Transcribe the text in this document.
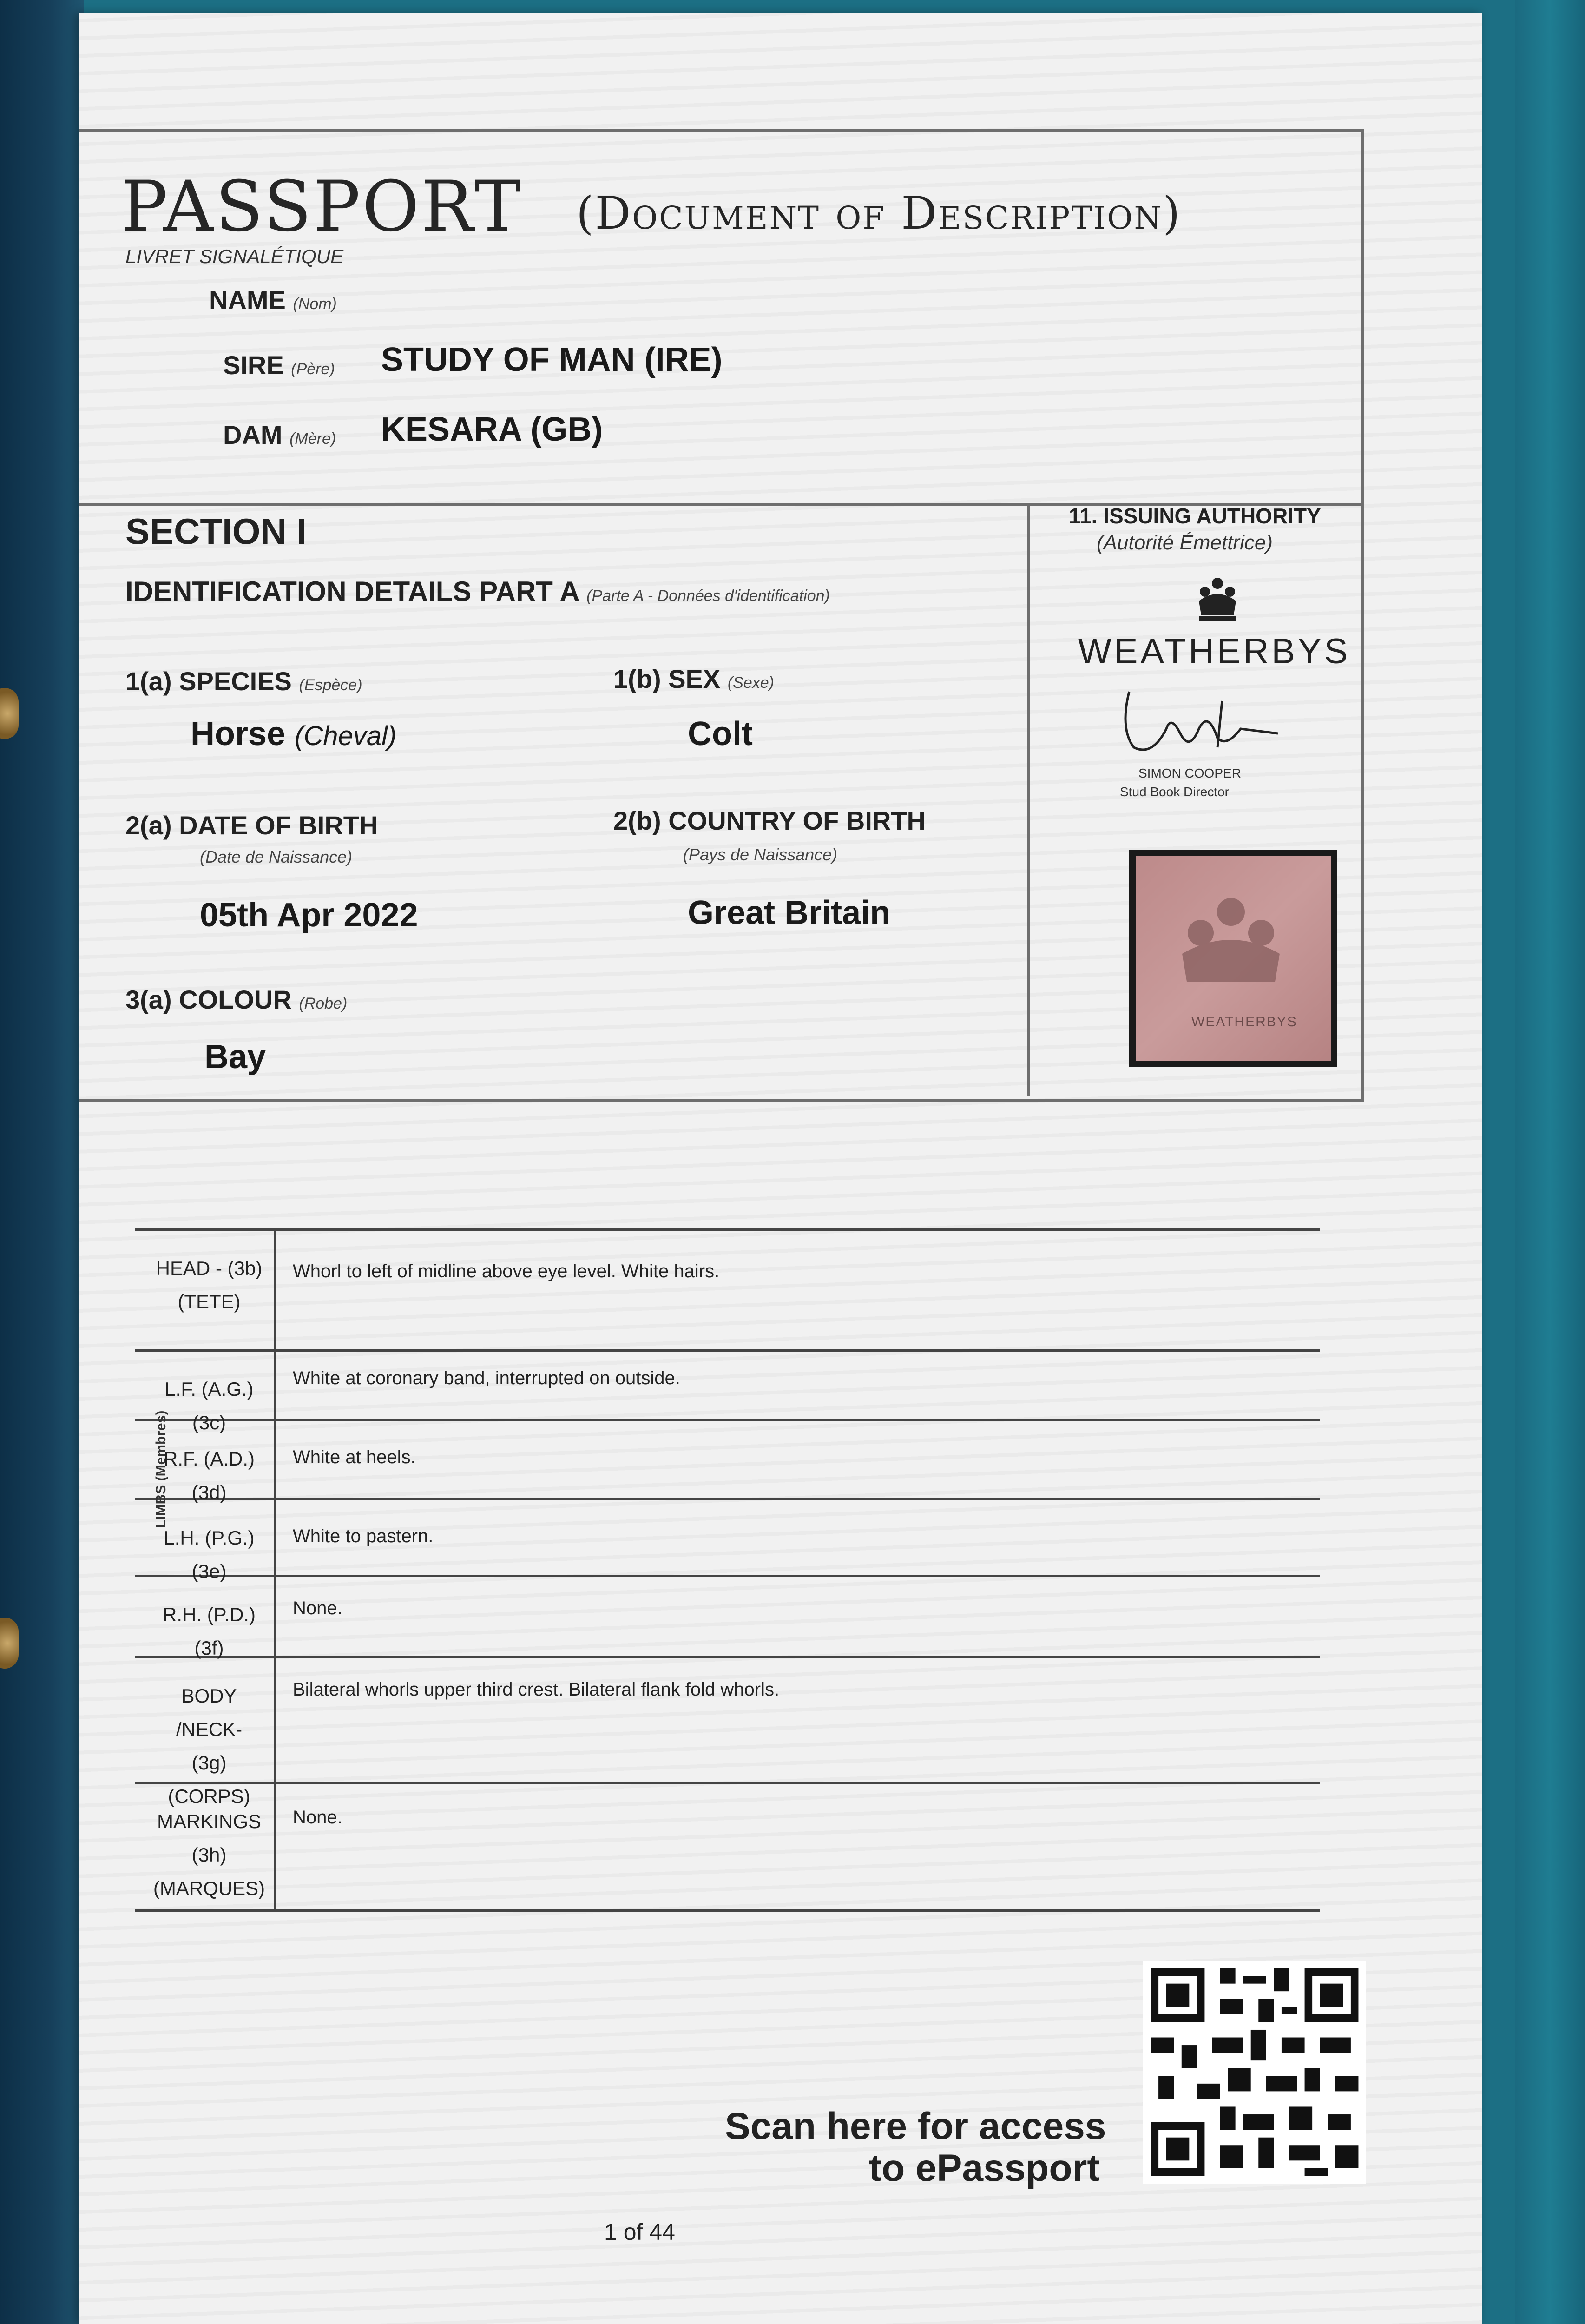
PASSPORT (Document of Description)
LIVRET SIGNALÉTIQUE
NAME (Nom)
SIRE (Père) STUDY OF MAN (IRE)
DAM (Mère) KESARA (GB)
SECTION I
IDENTIFICATION DETAILS PART A (Parte A - Données d'identification)
1(a) SPECIES (Espèce)
Horse (Cheval)
1(b) SEX (Sexe)
Colt
2(a) DATE OF BIRTH
(Date de Naissance)
05th Apr 2022
2(b) COUNTRY OF BIRTH
(Pays de Naissance)
Great Britain
3(a) COLOUR (Robe)
Bay
11. ISSUING AUTHORITY
(Autorité Émettrice)
WEATHERBYS
SIMON COOPER
Stud Book Director
WEATHERBYS
LIMBS (Membres)
HEAD - (3b)
(TETE)
Whorl to left of midline above eye level. White hairs.
L.F. (A.G.)
(3c)
White at coronary band, interrupted on outside.
R.F. (A.D.)
(3d)
White at heels.
L.H. (P.G.)
(3e)
White to pastern.
R.H. (P.D.)
(3f)
None.
BODY /NECK-
(3g) (CORPS)
Bilateral whorls upper third crest. Bilateral flank fold whorls.
MARKINGS (3h)
(MARQUES)
None.
Scan here for access
to ePassport
1 of 44
